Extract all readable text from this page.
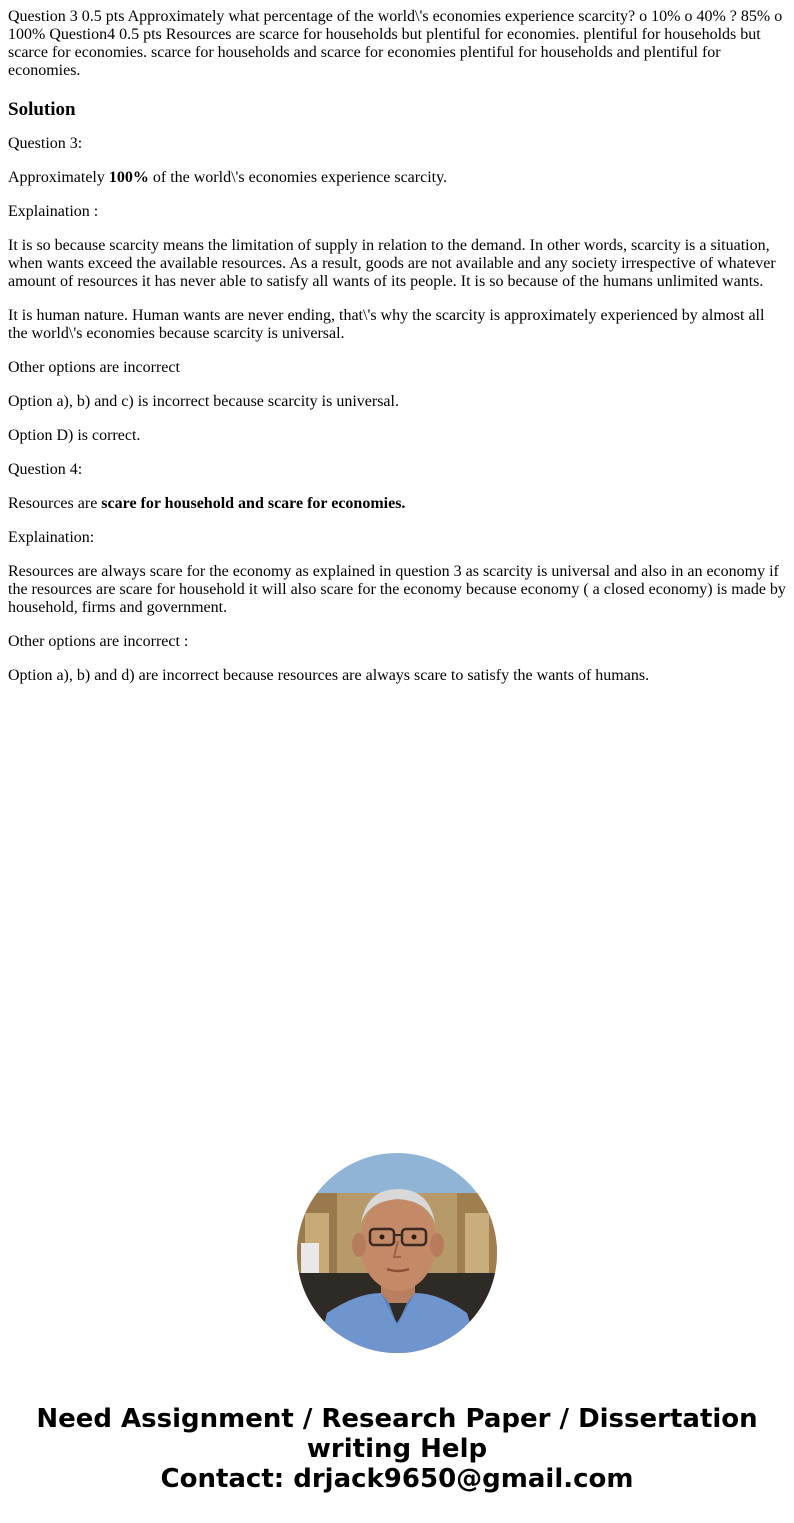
Question 3 0.5 pts Approximately what percentage of the world\'s economies experience scarcity? o 10% o 40% ? 85% o 100% Question4 0.5 pts Resources are scarce for households but plentiful for economies. plentiful for households but scarce for economies. scarce for households and scarce for economies plentiful for households and plentiful for economies.

Solution

Question 3:

Approximately 100% of the world\'s economies experience scarcity.

Explaination :

It is so because scarcity means the limitation of supply in relation to the demand. In other words, scarcity is a situation, when wants exceed the available resources. As a result, goods are not available and any society irrespective of whatever amount of resources it has never able to satisfy all wants of its people. It is so because of the humans unlimited wants.

It is human nature. Human wants are never ending, that\'s why the scarcity is approximately experienced by almost all the world\'s economies because scarcity is universal.

Other options are incorrect

Option a), b) and c) is incorrect because scarcity is universal.

Option D) is correct.

Question 4:

Resources are scare for household and scare for economies.

Explaination:

Resources are always scare for the economy as explained in question 3 as scarcity is universal and also in an economy if the resources are scare for household it will also scare for the economy because economy ( a closed economy) is made by household, firms and government.

Other options are incorrect :

Option a), b) and d) are incorrect because resources are always scare to satisfy the wants of humans.

Need Assignment / Research Paper / Dissertation
writing Help
Contact: drjack9650@gmail.com
